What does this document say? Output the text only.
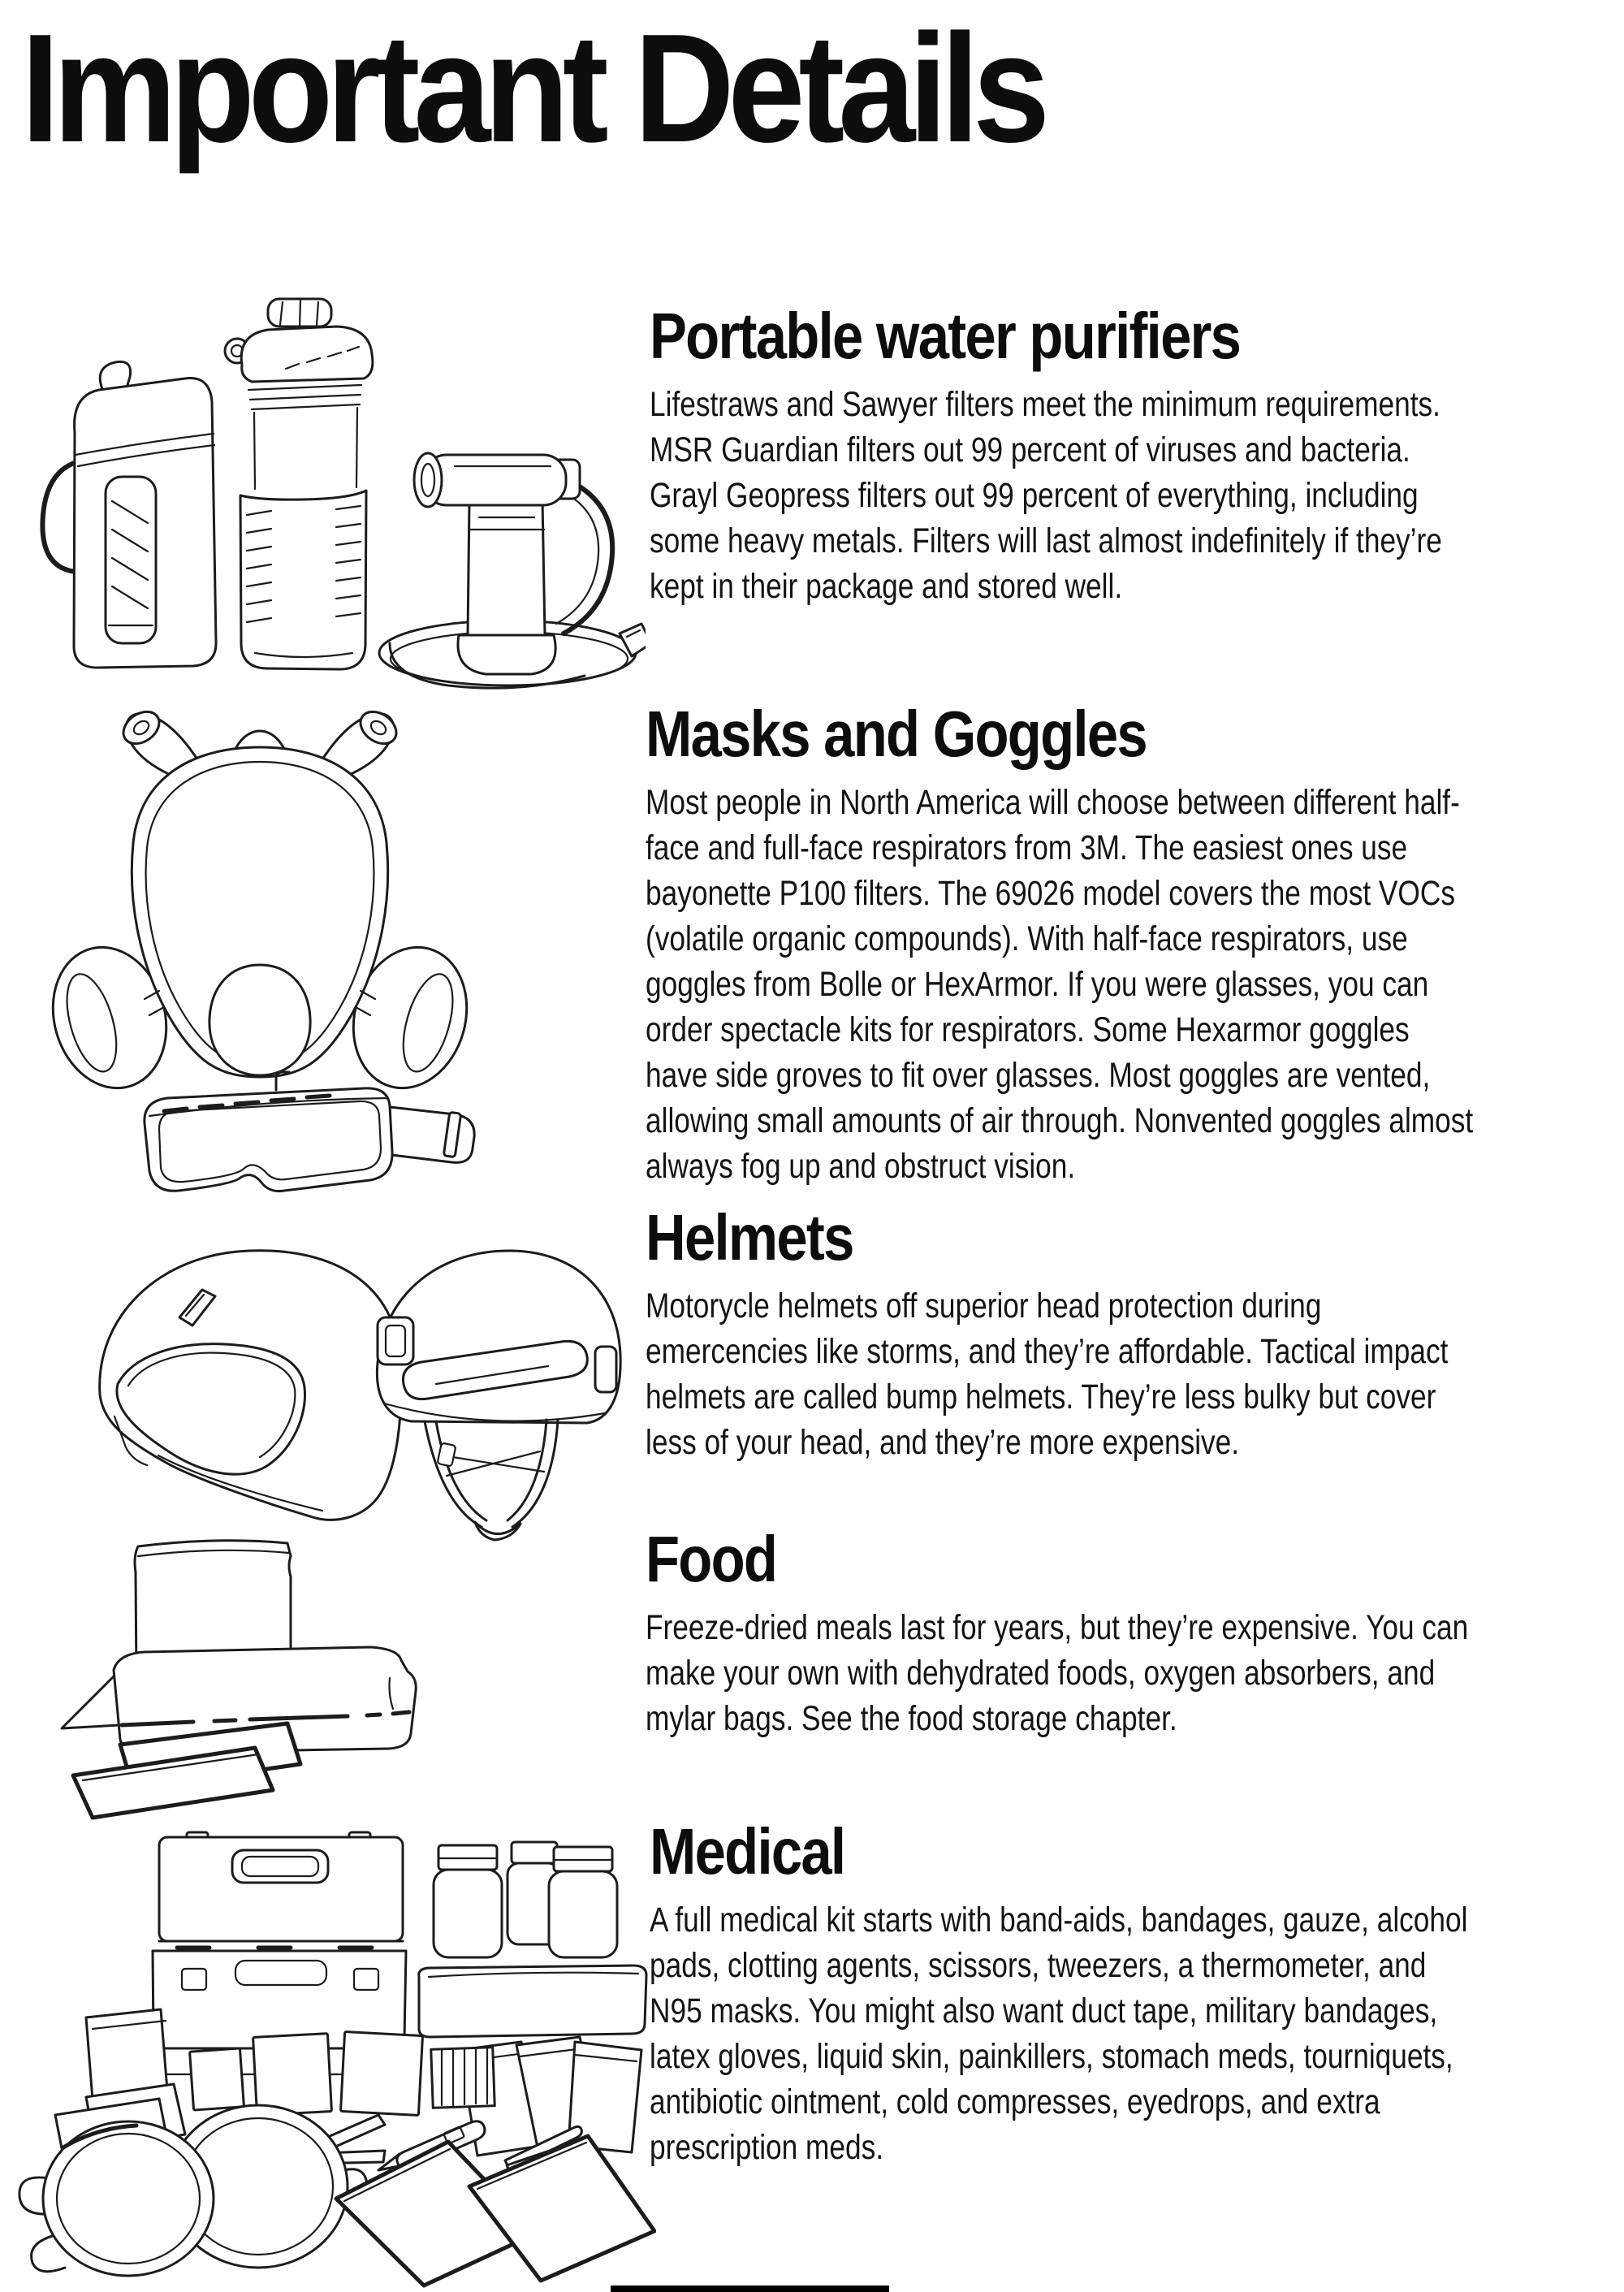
Important Details
Portable water purifiers

Lifestraws and Sawyer filters meet the minimum requirements. MSR Guardian filters out 99 percent of viruses and bacteria. Grayl Geopress filters out 99 percent of everything, including some heavy metals. Filters will last almost indefinitely if they’re kept in their package and stored well.

Masks and Goggles

Most people in North America will choose between different half-face and full-face respirators from 3M. The easiest ones use bayonette P100 filters. The 69026 model covers the most VOCs (volatile organic compounds). With half-face respirators, use goggles from Bolle or HexArmor. If you were glasses, you can order spectacle kits for respirators. Some Hexarmor goggles have side groves to fit over glasses. Most goggles are vented, allowing small amounts of air through. Nonvented goggles almost always fog up and obstruct vision.

Helmets

Motorycle helmets off superior head protection during emercencies like storms, and they’re affordable. Tactical impact helmets are called bump helmets. They’re less bulky but cover less of your head, and they’re more expensive.

Food

Freeze-dried meals last for years, but they’re expensive. You can make your own with dehydrated foods, oxygen absorbers, and mylar bags. See the food storage chapter.

Medical

A full medical kit starts with band-aids, bandages, gauze, alcohol pads, clotting agents, scissors, tweezers, a thermometer, and N95 masks. You might also want duct tape, military bandages, latex gloves, liquid skin, painkillers, stomach meds, tourniquets, antibiotic ointment, cold compresses, eyedrops, and extra prescription meds.
